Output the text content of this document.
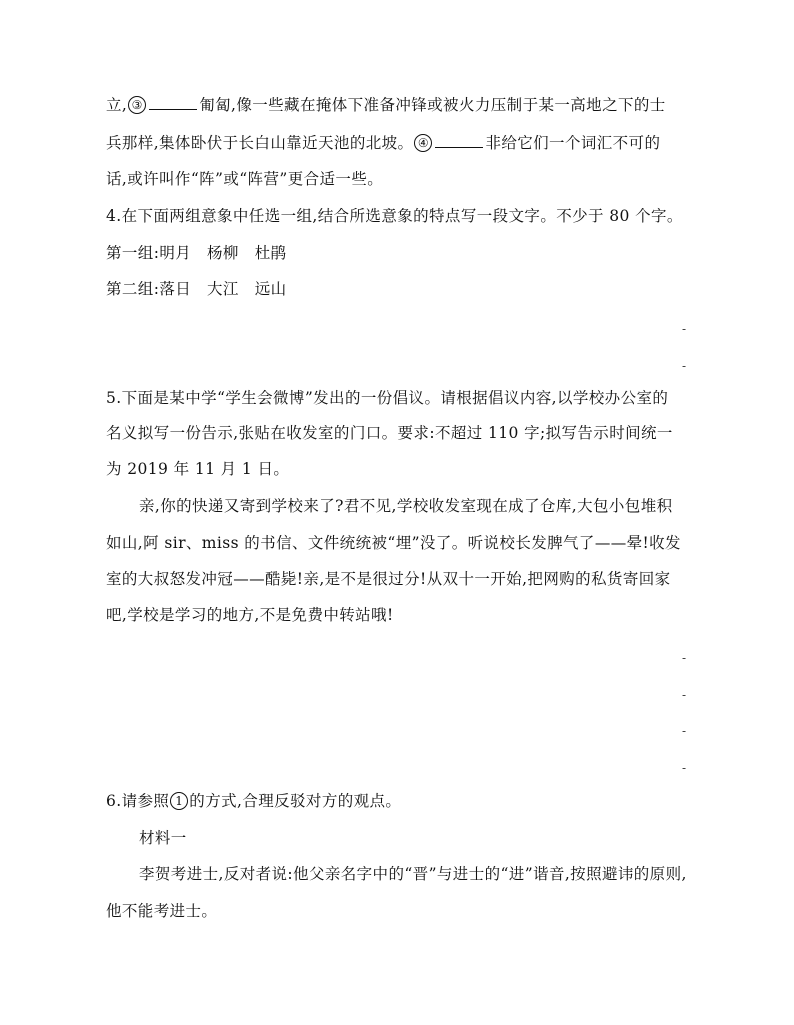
立, ③	匍匐,像一些藏在掩体下准备冲锋或被火力压制于某一高地之下的士
兵那样,集体卧伏于长白山靠近天池的北坡。 ④	非给它们一个词汇不可的
话,或许叫作“阵”或“阵营”更合适一些。
4.在下面两组意象中任选一组,结合所选意象的特点写一段文字。不少于 80 个字。
第一组:明月　杨柳　杜鹃
第二组:落日　大江　远山
-
-
5.下面是某中学“学生会微博”发出的一份倡议。请根据倡议内容,以学校办公室的
名义拟写一份告示,张贴在收发室的门口。要求:不超过 110 字;拟写告示时间统一
为 2019 年 11 月 1 日。
亲,你的快递又寄到学校来了?君不见,学校收发室现在成了仓库,大包小包堆积
如山,阿 sir、miss 的书信、文件统统被“埋”没了。听说校长发脾气了——晕!收发
室的大叔怒发冲冠——酷毙!亲,是不是很过分!从双十一开始,把网购的私货寄回家
吧,学校是学习的地方,不是免费中转站哦!
-
-
-
-
6.请参照 1 的方式,合理反驳对方的观点。
材料一
李贺考进士,反对者说:他父亲名字中的“晋”与进士的“进”谐音,按照避讳的原则,
他不能考进士。
